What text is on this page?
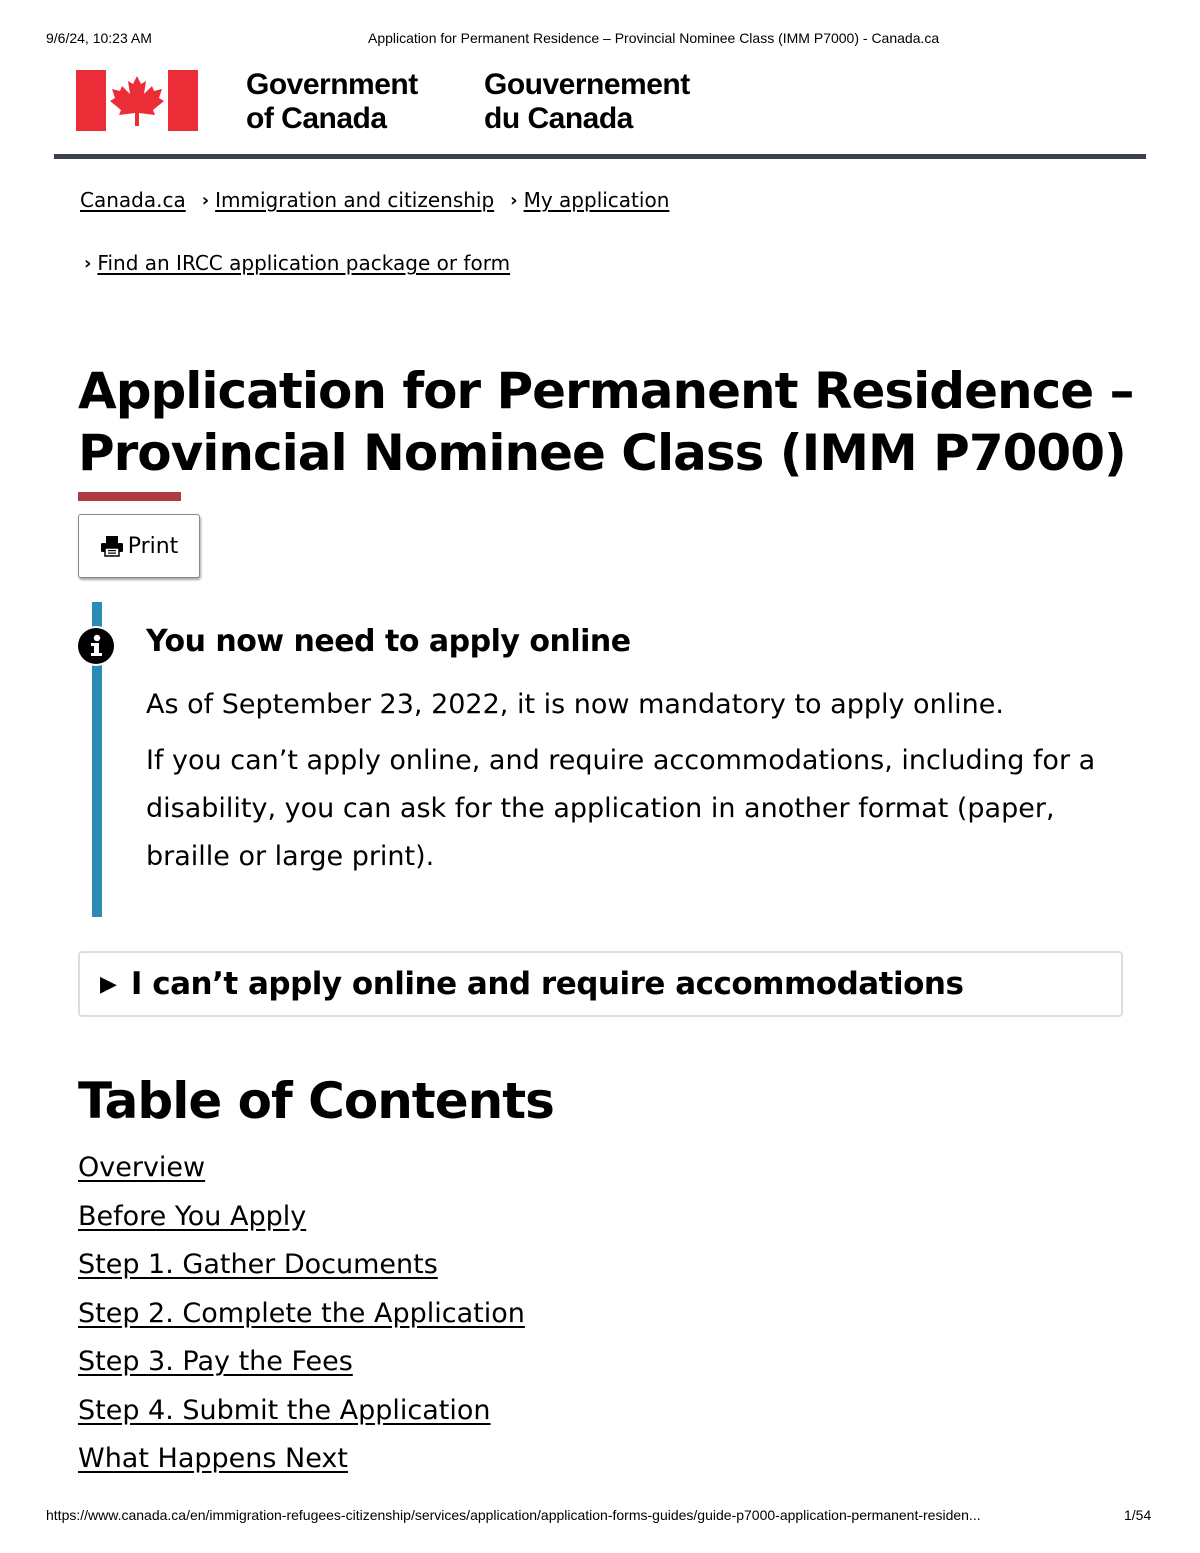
9/6/24, 10:23 AM	Application for Permanent Residence – Provincial Nominee Class (IMM P7000) - Canada.ca
Government
of Canada
Gouvernement
du Canada
Canada.ca › Immigration and citizenship › My application
› Find an IRCC application package or form
Application for Permanent Residence – Provincial Nominee Class (IMM P7000)
Print
You now need to apply online

As of September 23, 2022, it is now mandatory to apply online.

If you can’t apply online, and require accommodations, including for a disability, you can ask for the application in another format (paper, braille or large print).

▶ I can’t apply online and require accommodations
Table of Contents
Overview
Before You Apply
Step 1. Gather Documents
Step 2. Complete the Application
Step 3. Pay the Fees
Step 4. Submit the Application
What Happens Next
https://www.canada.ca/en/immigration-refugees-citizenship/services/application/application-forms-guides/guide-p7000-application-permanent-residen...	1/54
